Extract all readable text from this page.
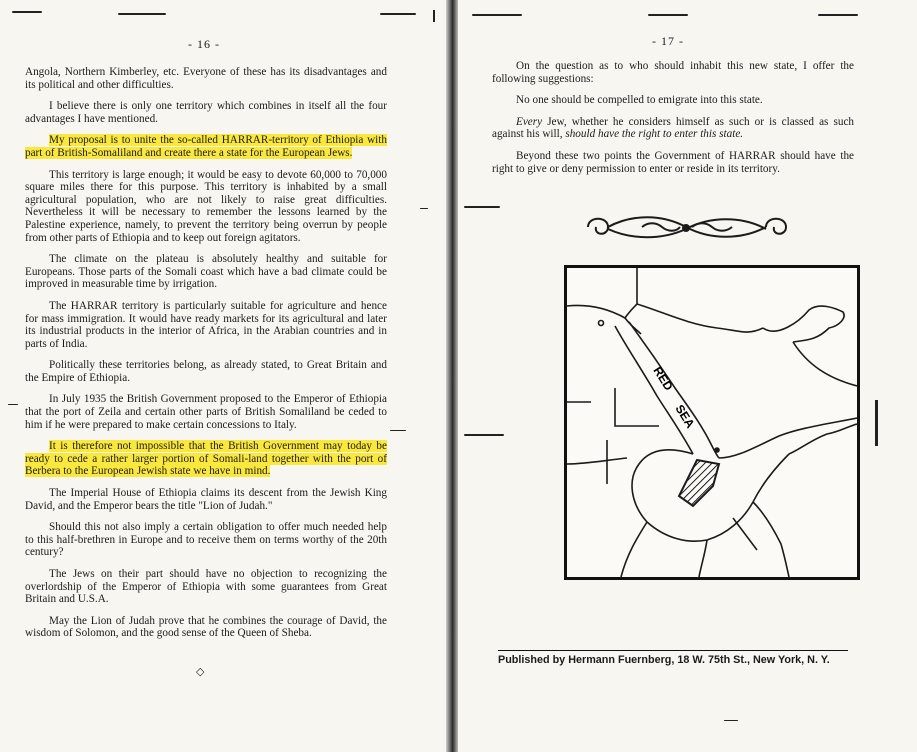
- 16 -

Angola, Northern Kimberley, etc. Everyone of these has its disadvantages and its political and other difficulties.

I believe there is only one territory which combines in itself all the four advantages I have mentioned.

My proposal is to unite the so-called HARRAR-territory of Ethiopia with part of British-Somaliland and create there a state for the European Jews.

This territory is large enough; it would be easy to devote 60,000 to 70,000 square miles there for this purpose. This territory is inhabited by a small agricultural population, who are not likely to raise great difficulties. Nevertheless it will be necessary to remember the lessons learned by the Palestine experience, namely, to prevent the territory being overrun by people from other parts of Ethiopia and to keep out foreign agitators.

The climate on the plateau is absolutely healthy and suitable for Europeans. Those parts of the Somali coast which have a bad climate could be improved in measurable time by irrigation.

The HARRAR territory is particularly suitable for agriculture and hence for mass immigration. It would have ready markets for its agricultural and later its industrial products in the interior of Africa, in the Arabian countries and in parts of India.

Politically these territories belong, as already stated, to Great Britain and the Empire of Ethiopia.

In July 1935 the British Government proposed to the Emperor of Ethiopia that the port of Zeila and certain other parts of British Somaliland be ceded to him if he were prepared to make certain concessions to Italy.

It is therefore not impossible that the British Government may today be ready to cede a rather larger portion of Somali-land together with the port of Berbera to the European Jewish state we have in mind.

The Imperial House of Ethiopia claims its descent from the Jewish King David, and the Emperor bears the title "Lion of Judah."

Should this not also imply a certain obligation to offer much needed help to this half-brethren in Europe and to receive them on terms worthy of the 20th century?

The Jews on their part should have no objection to recognizing the overlordship of the Emperor of Ethiopia with some guarantees from Great Britain and U.S.A.

May the Lion of Judah prove that he combines the courage of David, the wisdom of Solomon, and the good sense of the Queen of Sheba.

◇
- 17 -

On the question as to who should inhabit this new state, I offer the following suggestions:

No one should be compelled to emigrate into this state.

Every Jew, whether he considers himself as such or is classed as such against his will, should have the right to enter this state.

Beyond these two points the Government of HARRAR should have the right to give or deny permission to enter or reside in its territory.

RED
SEA
Published by Hermann Fuernberg, 18 W. 75th St., New York, N. Y.
